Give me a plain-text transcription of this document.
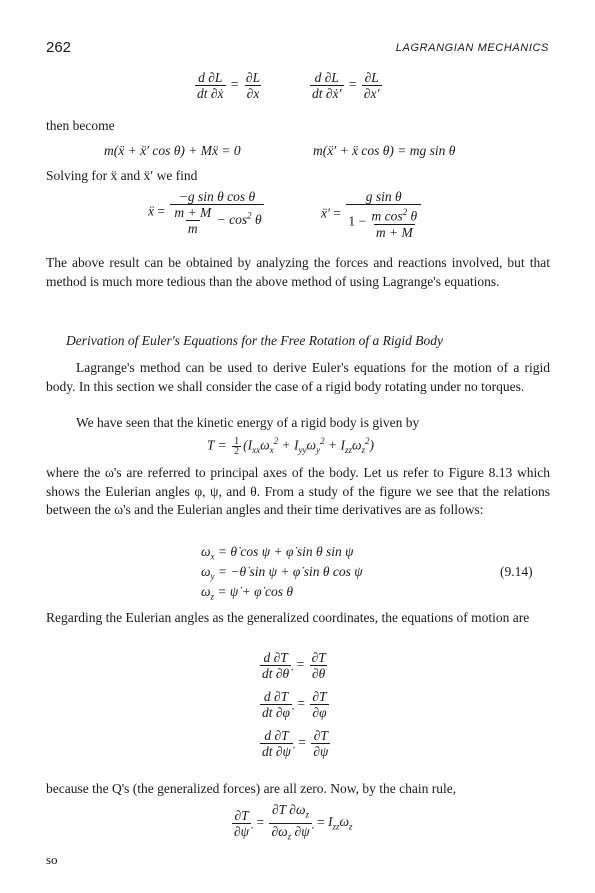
262	LAGRANGIAN MECHANICS
$\frac{d \partial L}{\text{dt ∂ẋ}} = \frac{\partial L}{\partial x}$	$\frac{d \partial L}{\text{dt ∂ẋ′}} = \frac{\partial L}{\partial x'}$
then become
m(ẍ + ẍ′ cos θ) + Mẍ = 0	m(ẍ′ + ẍ cos θ) = mg sin θ
Solving for ẍ and ẍ′ we find
ẍ = $\frac{\text{−g sin θ cos θ}}{\frac{m + M}{m} - \cos^2 \theta}$	ẍ′ = $\frac{\text{g sin θ}}{1 - \frac{m \cos^2 \theta}{m + M}}$
The above result can be obtained by analyzing the forces and reactions involved, but that method is much more tedious than the above method of using Lagrange's equations.
Derivation of Euler's Equations for the Free Rotation of a Rigid Body
Lagrange's method can be used to derive Euler's equations for the motion of a rigid body. In this section we shall consider the case of a rigid body rotating under no torques.
We have seen that the kinetic energy of a rigid body is given by
$T = \frac{1}{2} (I_{xx}\omega_x^2 + I_{yy}\omega_y^2 + I_{zz}\omega_z^2)$
where the ω's are referred to principal axes of the body. Let us refer to Figure 8.13 which shows the Eulerian angles φ, ψ, and θ. From a study of the figure we see that the relations between the ω's and the Eulerian angles and their time derivatives are as follows:
$\omega_x$ = θ̇ cos ψ + φ̇ sin θ sin ψ
$\omega_y$ = −θ̇ sin ψ + φ̇ sin θ cos ψ
$\omega_z$ = ψ̇ + φ̇ cos θ
(9.14)
Regarding the Eulerian angles as the generalized coordinates, the equations of motion are
$\frac{d \partial T}{dt \partial\thetȧ} = \frac{\partial T}{\partial\theta}$
$\frac{d \partial T}{dt \partial\varphi̇} = \frac{\partial T}{\partial\varphi}$
$\frac{d \partial T}{dt \partial\psi̇} = \frac{\partial T}{\partial\psi}$
because the Q's (the generalized forces) are all zero. Now, by the chain rule,
$\frac{\partial T}{\partial\psi̇} = \frac{\partial T \partial\omega_z}{\partial\omega_z \partial\psi̇} = I_{zz}\omega_z$
so
